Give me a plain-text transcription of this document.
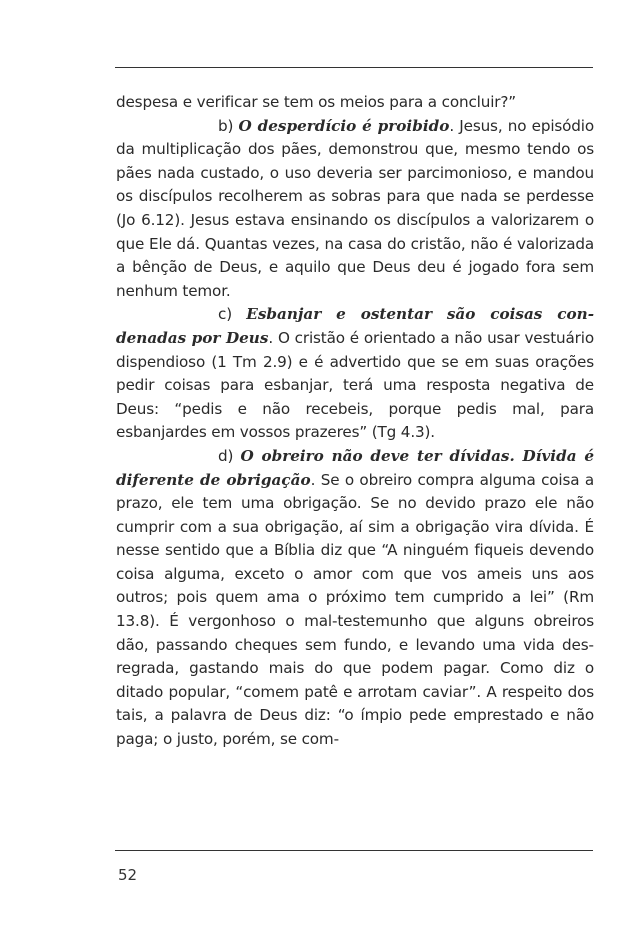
despesa e verificar se tem os meios para a concluir?”

b) O desperdício é proibido. Jesus, no episódio da multiplicação dos pães, demonstrou que, mesmo tendo os pães nada custado, o uso deveria ser parcimonioso, e mandou os discípulos recolherem as sobras para que nada se perdesse (Jo 6.12). Jesus estava ensinando os discípulos a valorizarem o que Ele dá. Quantas vezes, na casa do cristão, não é valorizada a bênção de Deus, e aquilo que Deus deu é jogado fora sem nenhum temor.

c) Esbanjar e ostentar são coisas condenadas por Deus. O cristão é orientado a não usar vestuário dispendioso (1 Tm 2.9) e é advertido que se em suas orações pedir coisas para esbanjar, terá uma resposta negativa de Deus: “pedis e não recebeis, porque pedis mal, para esbanjardes em vossos prazeres” (Tg 4.3).

d) O obreiro não deve ter dívidas. Dívida é diferente de obrigação. Se o obreiro compra alguma coisa a prazo, ele tem uma obrigação. Se no devido prazo ele não cumprir com a sua obrigação, aí sim a obrigação vira dívida. É nesse sentido que a Bíblia diz que “A ninguém fiqueis devendo coisa alguma, exceto o amor com que vos ameis uns aos outros; pois quem ama o próximo tem cumprido a lei” (Rm 13.8). É vergonhoso o mal-testemunho que alguns obreiros dão, passando cheques sem fundo, e levando uma vida desregrada, gastando mais do que podem pagar. Como diz o ditado popular, “comem patê e arrotam caviar”. A respeito dos tais, a palavra de Deus diz: “o ímpio pede emprestado e não paga; o justo, porém, se com-

52
